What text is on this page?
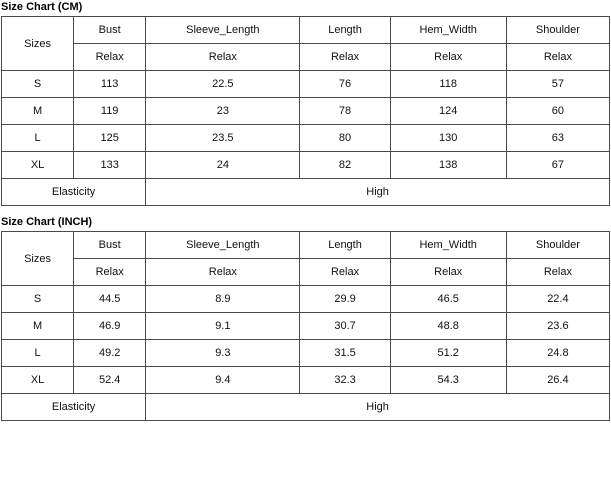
Size Chart (CM)
Sizes	Bust	Sleeve_Length	Length	Hem_Width	Shoulder
	Relax	Relax	Relax	Relax	Relax
S	113	22.5	76	118	57
M	119	23	78	124	60
L	125	23.5	80	130	63
XL	133	24	82	138	67
Elasticity		High			
Size Chart (INCH)
Sizes	Bust	Sleeve_Length	Length	Hem_Width	Shoulder
	Relax	Relax	Relax	Relax	Relax
S	44.5	8.9	29.9	46.5	22.4
M	46.9	9.1	30.7	48.8	23.6
L	49.2	9.3	31.5	51.2	24.8
XL	52.4	9.4	32.3	54.3	26.4
Elasticity		High			
